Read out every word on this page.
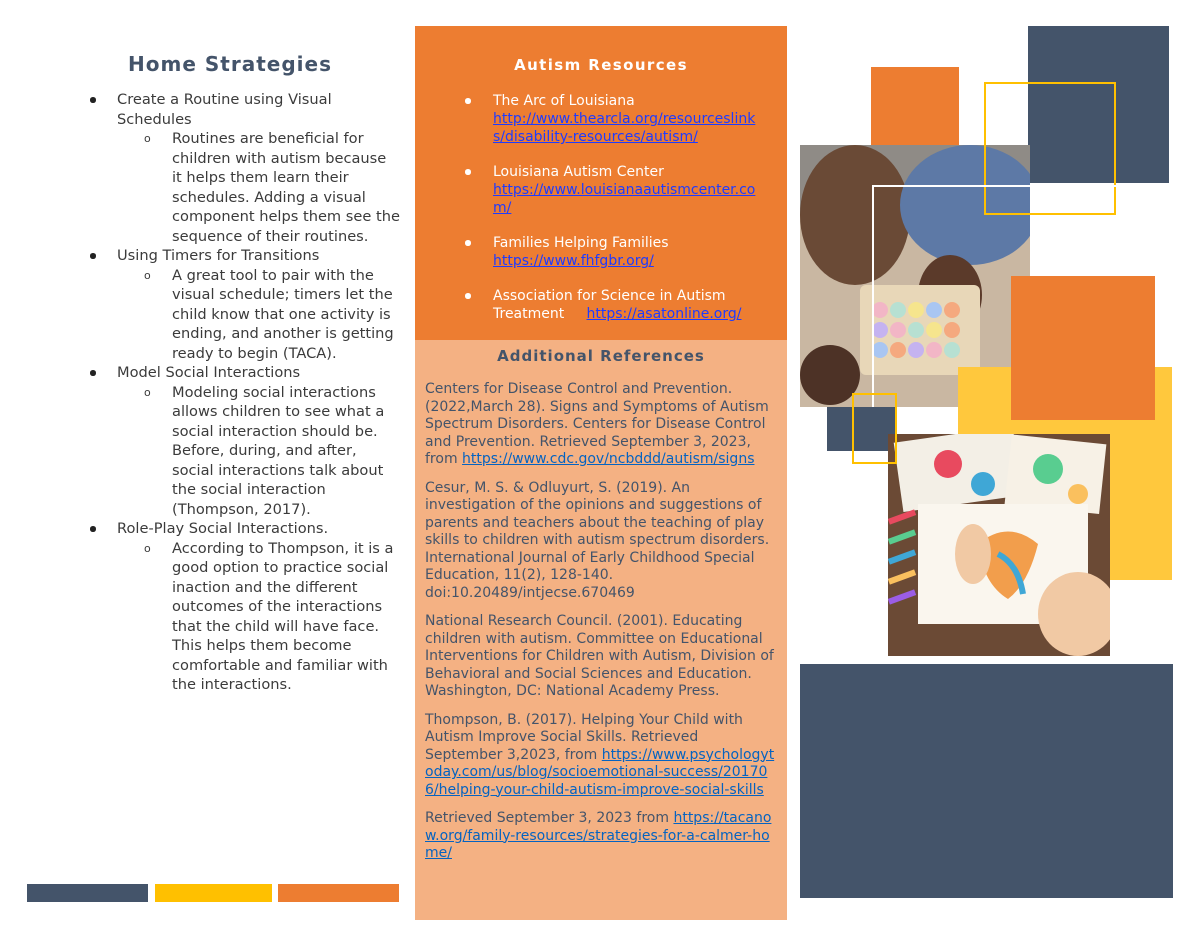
Home Strategies
Create a Routine using Visual Schedules
o Routines are beneficial for children with autism because it helps them learn their schedules. Adding a visual component helps them see the sequence of their routines.
Using Timers for Transitions
o A great tool to pair with the visual schedule; timers let the child know that one activity is ending, and another is getting ready to begin (TACA).
Model Social Interactions
o Modeling social interactions allows children to see what a social interaction should be. Before, during, and after, social interactions talk about the social interaction (Thompson, 2017).
Role-Play Social Interactions.
o According to Thompson, it is a good option to practice social inaction and the different outcomes of the interactions that the child will have face. This helps them become comfortable and familiar with the interactions.
Autism Resources
The Arc of Louisiana
http://www.thearcla.org/resourceslinks/disability-resources/autism/
Louisiana Autism Center
https://www.louisianaautismcenter.com/
Families Helping Families
https://www.fhfgbr.org/
Association for Science in Autism Treatment https://asatonline.org/
Additional References
Centers for Disease Control and Prevention. (2022,March 28). Signs and Symptoms of Autism Spectrum Disorders. Centers for Disease Control and Prevention. Retrieved September 3, 2023, from https://www.cdc.gov/ncbddd/autism/signs
Cesur, M. S. & Odluyurt, S. (2019). An investigation of the opinions and suggestions of parents and teachers about the teaching of play skills to children with autism spectrum disorders. International Journal of Early Childhood Special Education, 11(2), 128-140. doi:10.20489/intjecse.670469
National Research Council. (2001). Educating children with autism. Committee on Educational Interventions for Children with Autism, Division of Behavioral and Social Sciences and Education. Washington, DC: National Academy Press.
Thompson, B. (2017). Helping Your Child with Autism Improve Social Skills. Retrieved September 3,2023, from https://www.psychologytoday.com/us/blog/socioemotional-success/201706/helping-your-child-autism-improve-social-skills
Retrieved September 3, 2023 from https://tacanow.org/family-resources/strategies-for-a-calmer-home/
